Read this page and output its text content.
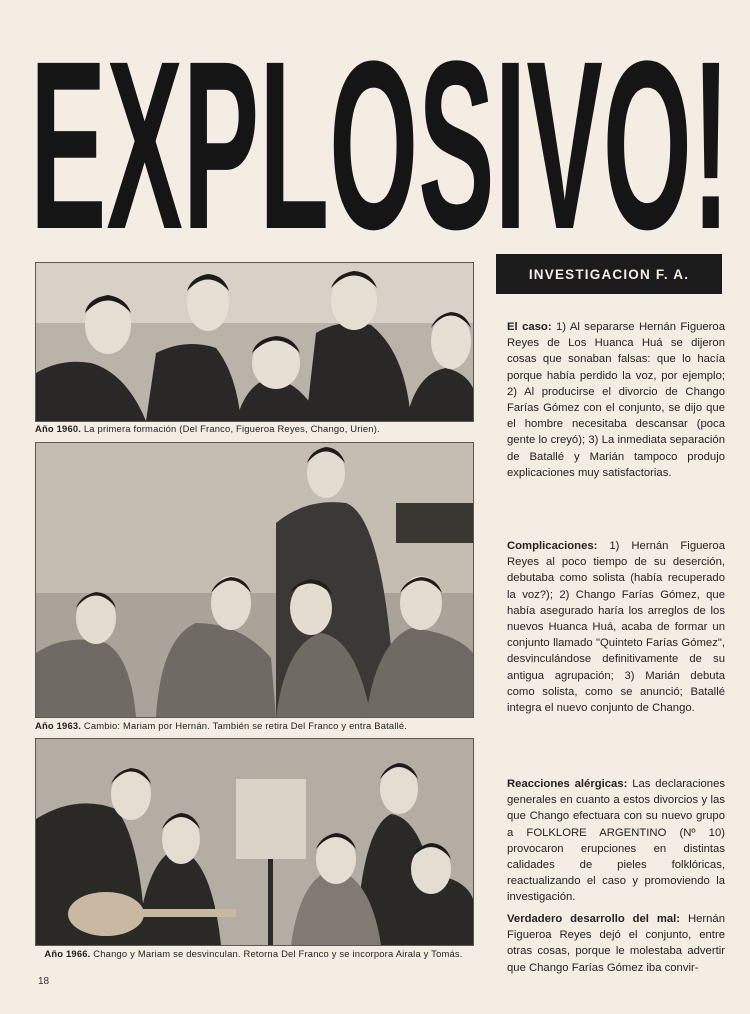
EXPLOSIVO!
Año 1960. La primera formación (Del Franco, Figueroa Reyes, Chango, Urien).
Año 1963. Cambio: Mariam por Hernán. También se retira Del Franco y entra Batallé.
Año 1966. Chango y Mariam se desvinculan. Retorna Del Franco y se incorpora Airala y Tomás.
INVESTIGACION F. A.

El caso: 1) Al separarse Hernán Figueroa Reyes de Los Huanca Huá se dijeron cosas que sonaban falsas: que lo hacía porque había perdido la voz, por ejemplo; 2) Al producirse el divorcio de Chango Farías Gómez con el conjunto, se dijo que el hombre necesitaba descansar (poca gente lo creyó); 3) La inmediata separación de Batallé y Marián tampoco produjo explicaciones muy satisfactorias.

Complicaciones: 1) Hernán Figueroa Reyes al poco tiempo de su deserción, debutaba como solista (había recuperado la voz?); 2) Chango Farías Gómez, que había asegurado haría los arreglos de los nuevos Huanca Huá, acaba de formar un conjunto llamado "Quinteto Farías Gómez", desvinculándose definitivamente de su antigua agrupación; 3) Marián debuta como solista, como se anunció; Batallé integra el nuevo conjunto de Chango.

Reacciones alérgicas: Las declaraciones generales en cuanto a estos divorcios y las que Chango efectuara con su nuevo grupo a FOLKLORE ARGENTINO (Nº 10) provocaron erupciones en distintas calidades de pieles folklóricas, reactualizando el caso y promoviendo la investigación.

Verdadero desarrollo del mal: Hernán Figueroa Reyes dejó el conjunto, entre otras cosas, porque le molestaba advertir que Chango Farías Gómez iba convir-

18
